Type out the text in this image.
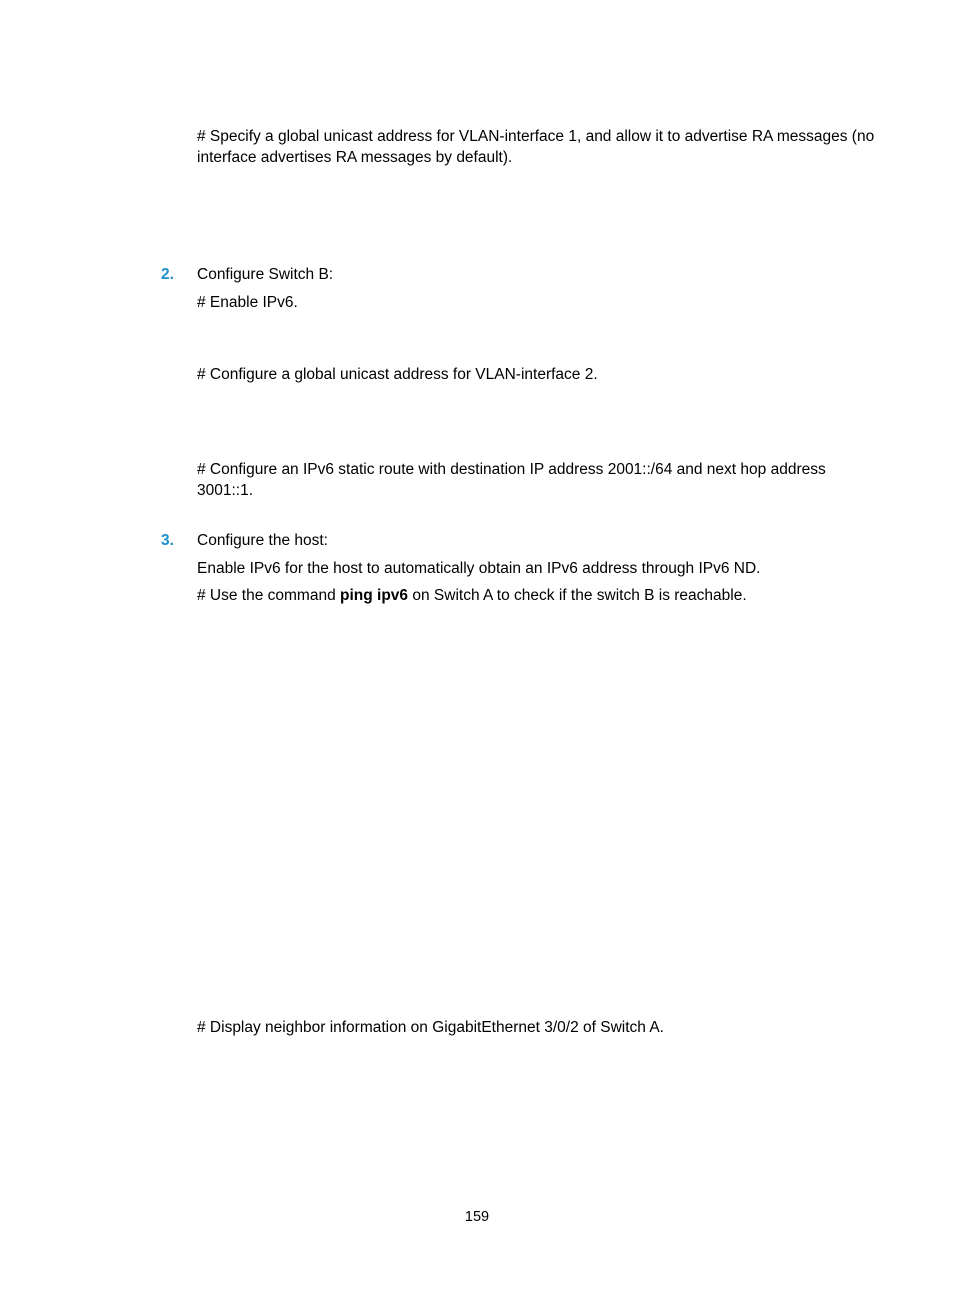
# Specify a global unicast address for VLAN-interface 1, and allow it to advertise RA messages (no interface advertises RA messages by default).

2. Configure Switch B:

# Enable IPv6.

# Configure a global unicast address for VLAN-interface 2.

# Configure an IPv6 static route with destination IP address 2001::/64 and next hop address 3001::1.

3. Configure the host:

Enable IPv6 for the host to automatically obtain an IPv6 address through IPv6 ND.

# Use the command ping ipv6 on Switch A to check if the switch B is reachable.

# Display neighbor information on GigabitEthernet 3/0/2 of Switch A.

159
